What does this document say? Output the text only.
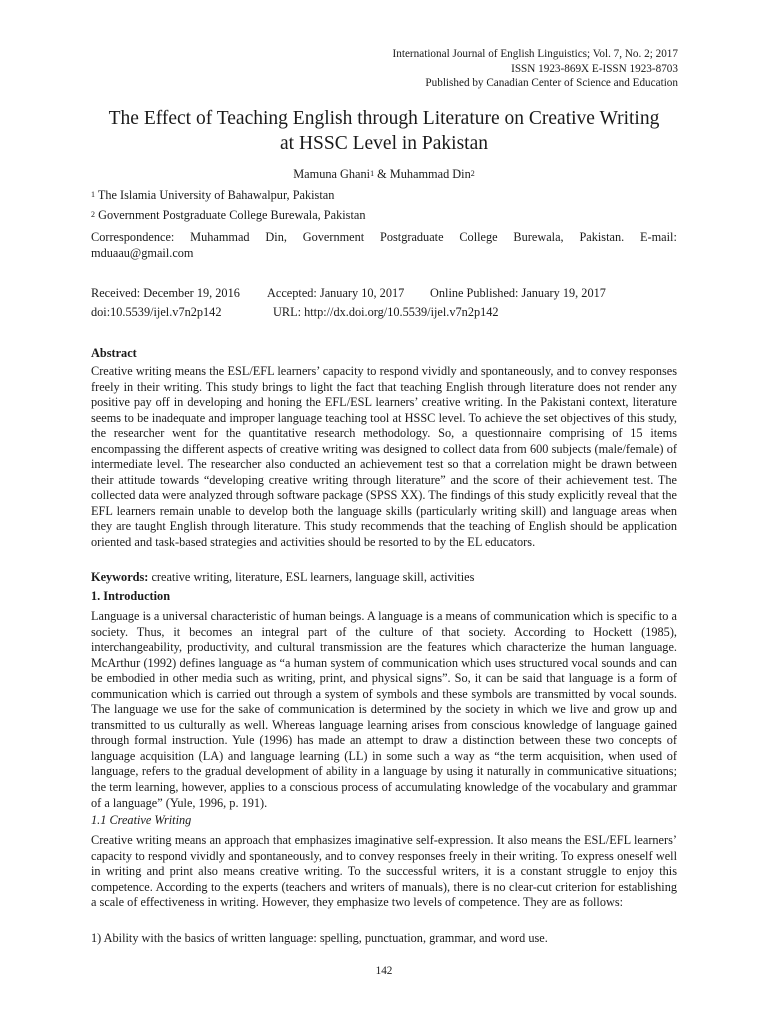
International Journal of English Linguistics; Vol. 7, No. 2; 2017
ISSN 1923-869X E-ISSN 1923-8703
Published by Canadian Center of Science and Education
The Effect of Teaching English through Literature on Creative Writing
at HSSC Level in Pakistan
Mamuna Ghani$^1$ & Muhammad Din$^2$
$^1$ The Islamia University of Bahawalpur, Pakistan
$^2$ Government Postgraduate College Burewala, Pakistan
Correspondence: Muhammad Din, Government Postgraduate College Burewala, Pakistan. E-mail:
mduaau@gmail.com
Received: December 19, 2016 Accepted: January 10, 2017 Online Published: January 19, 2017
doi:10.5539/ijel.v7n2p142	URL: http://dx.doi.org/10.5539/ijel.v7n2p142
Abstract
Creative writing means the ESL/EFL learners’ capacity to respond vividly and spontaneously, and to convey responses freely in their writing. This study brings to light the fact that teaching English through literature does not render any positive pay off in developing and honing the EFL/ESL learners’ creative writing. In the Pakistani context, literature seems to be inadequate and improper language teaching tool at HSSC level. To achieve the set objectives of this study, the researcher went for the quantitative research methodology. So, a questionnaire comprising of 15 items encompassing the different aspects of creative writing was designed to collect data from 600 subjects (male/female) of intermediate level. The researcher also conducted an achievement test so that a correlation might be drawn between their attitude towards “developing creative writing through literature” and the score of their achievement test. The collected data were analyzed through software package (SPSS XX). The findings of this study explicitly reveal that the EFL learners remain unable to develop both the language skills (particularly writing skill) and language areas when they are taught English through literature. This study recommends that the teaching of English should be application oriented and task-based strategies and activities should be resorted to by the EL educators.
Keywords: creative writing, literature, ESL learners, language skill, activities
1. Introduction
Language is a universal characteristic of human beings. A language is a means of communication which is specific to a society. Thus, it becomes an integral part of the culture of that society. According to Hockett (1985), interchangeability, productivity, and cultural transmission are the features which characterize the human language. McArthur (1992) defines language as “a human system of communication which uses structured vocal sounds and can be embodied in other media such as writing, print, and physical signs”. So, it can be said that language is a form of communication which is carried out through a system of symbols and these symbols are transmitted by vocal sounds. The language we use for the sake of communication is determined by the society in which we live and grow up and transmitted to us culturally as well. Whereas language learning arises from conscious knowledge of language gained through formal instruction. Yule (1996) has made an attempt to draw a distinction between these two concepts of language acquisition (LA) and language learning (LL) in some such a way as “the term acquisition, when used of language, refers to the gradual development of ability in a language by using it naturally in communicative situations; the term learning, however, applies to a conscious process of accumulating knowledge of the vocabulary and grammar of a language” (Yule, 1996, p. 191).
1.1 Creative Writing
Creative writing means an approach that emphasizes imaginative self-expression. It also means the ESL/EFL learners’ capacity to respond vividly and spontaneously, and to convey responses freely in their writing. To express oneself well in writing and print also means creative writing. To the successful writers, it is a constant struggle to enjoy this competence. According to the experts (teachers and writers of manuals), there is no clear-cut criterion for establishing a scale of effectiveness in writing. However, they emphasize two levels of competence. They are as follows:
1) Ability with the basics of written language: spelling, punctuation, grammar, and word use.
142
